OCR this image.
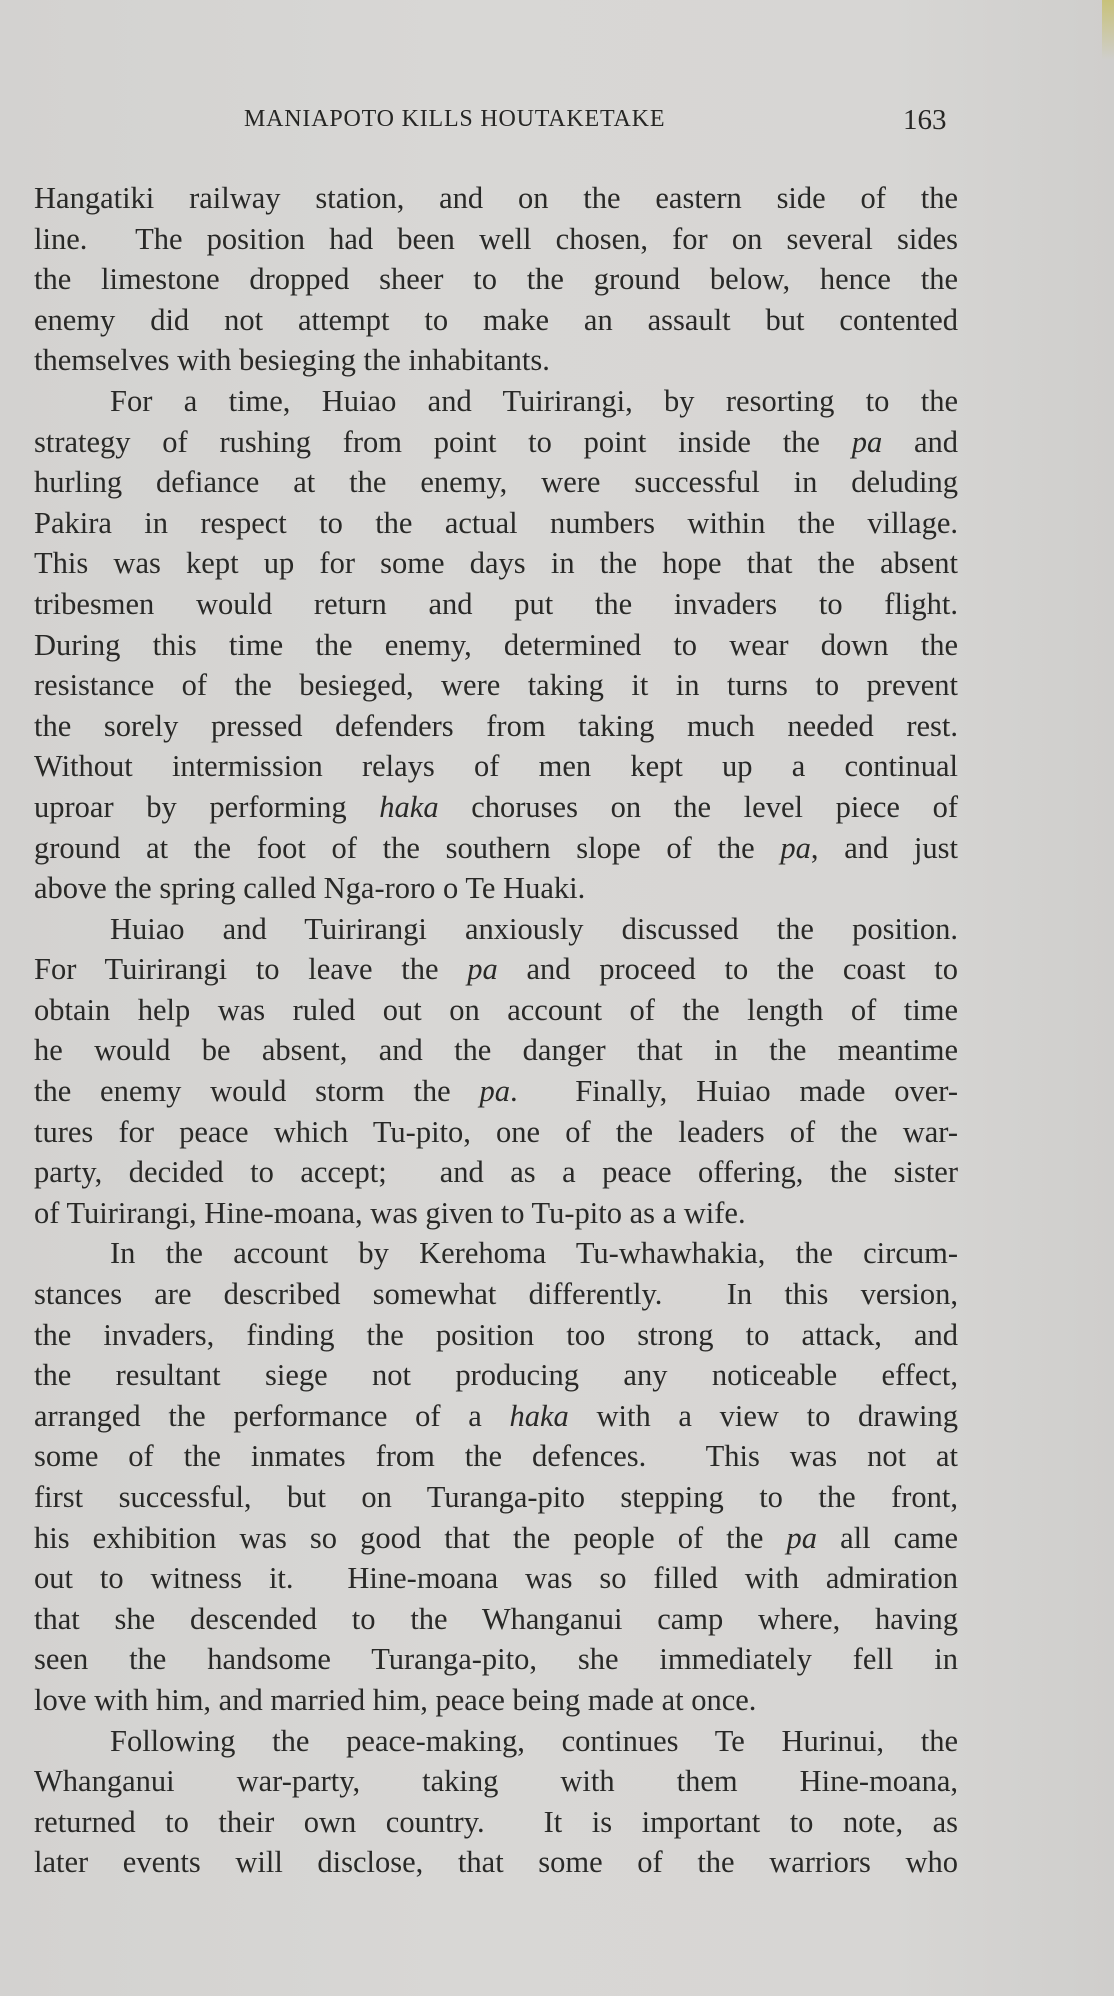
MANIAPOTO KILLS HOUTAKETAKE	163
Hangatiki railway station, and on the eastern side of the
line.  The position had been well chosen, for on several sides
the limestone dropped sheer to the ground below, hence the
enemy did not attempt to make an assault but contented
themselves with besieging the inhabitants.
For a time, Huiao and Tuirirangi, by resorting to the
strategy of rushing from point to point inside the pa and
hurling defiance at the enemy, were successful in deluding
Pakira in respect to the actual numbers within the village.
This was kept up for some days in the hope that the absent
tribesmen would return and put the invaders to flight.
During this time the enemy, determined to wear down the
resistance of the besieged, were taking it in turns to prevent
the sorely pressed defenders from taking much needed rest.
Without intermission relays of men kept up a continual
uproar by performing haka choruses on the level piece of
ground at the foot of the southern slope of the pa, and just
above the spring called Nga-roro o Te Huaki.
Huiao and Tuirirangi anxiously discussed the position.
For Tuirirangi to leave the pa and proceed to the coast to
obtain help was ruled out on account of the length of time
he would be absent, and the danger that in the meantime
the enemy would storm the pa.  Finally, Huiao made over-
tures for peace which Tu-pito, one of the leaders of the war-
party, decided to accept;  and as a peace offering, the sister
of Tuirirangi, Hine-moana, was given to Tu-pito as a wife.
In the account by Kerehoma Tu-whawhakia, the circum-
stances are described somewhat differently.  In this version,
the invaders, finding the position too strong to attack, and
the resultant siege not producing any noticeable effect,
arranged the performance of a haka with a view to drawing
some of the inmates from the defences.  This was not at
first successful, but on Turanga-pito stepping to the front,
his exhibition was so good that the people of the pa all came
out to witness it.  Hine-moana was so filled with admiration
that she descended to the Whanganui camp where, having
seen the handsome Turanga-pito, she immediately fell in
love with him, and married him, peace being made at once.
Following the peace-making, continues Te Hurinui, the
Whanganui war-party, taking with them Hine-moana,
returned to their own country.  It is important to note, as
later events will disclose, that some of the warriors who
